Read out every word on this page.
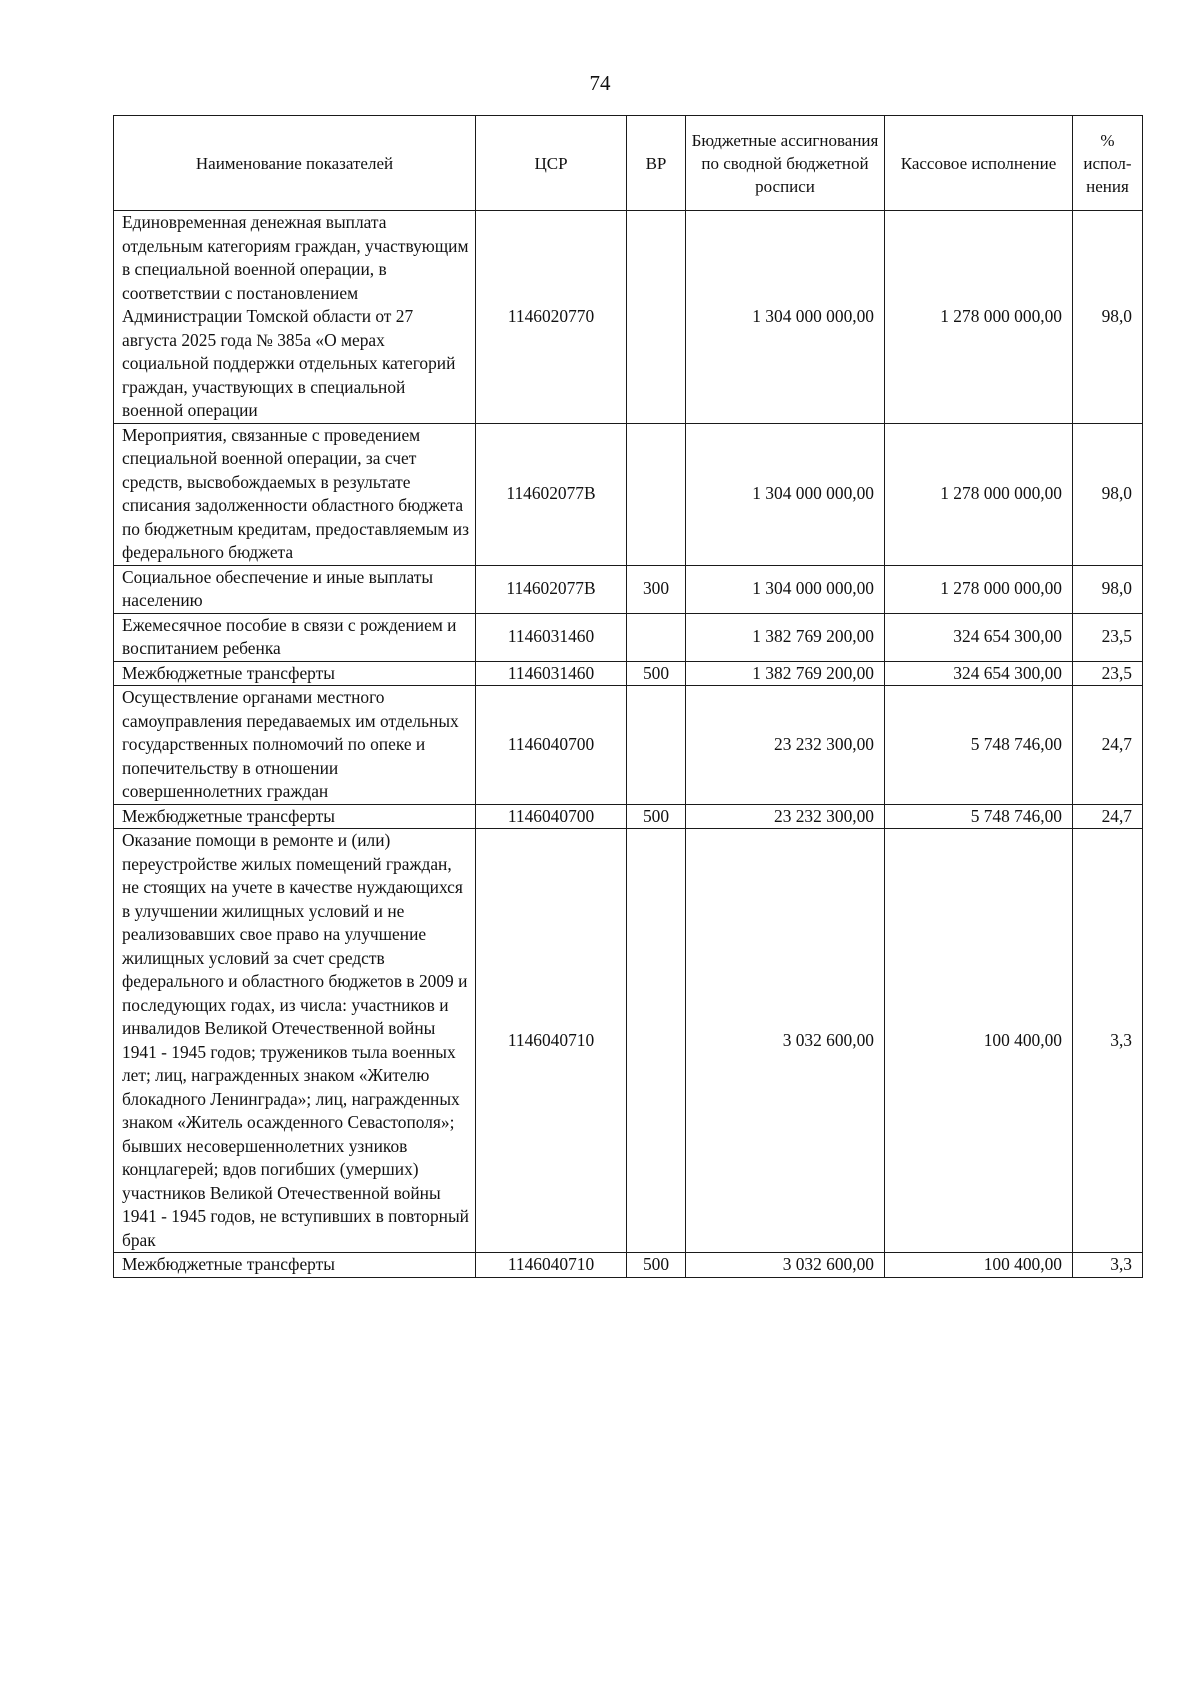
74
Наименование показателей	ЦСР	ВР	Бюджетные ассигнования по сводной бюджетной росписи	Кассовое исполнение	% испол-нения
Единовременная денежная выплата отдельным категориям граждан, участвующим в специальной военной операции, в соответствии с постановлением Администрации Томской области от 27 августа 2025 года № 385а «О мерах социальной поддержки отдельных категорий граждан, участвующих в специальной военной операции	1146020770		1 304 000 000,00	1 278 000 000,00	98,0
Мероприятия, связанные с проведением специальной военной операции, за счет средств, высвобождаемых в результате списания задолженности областного бюджета по бюджетным кредитам, предоставляемым из федерального бюджета	114602077В		1 304 000 000,00	1 278 000 000,00	98,0
Социальное обеспечение и иные выплаты населению	114602077В	300	1 304 000 000,00	1 278 000 000,00	98,0
Ежемесячное пособие в связи с рождением и воспитанием ребенка	1146031460		1 382 769 200,00	324 654 300,00	23,5
Межбюджетные трансферты	1146031460	500	1 382 769 200,00	324 654 300,00	23,5
Осуществление органами местного самоуправления передаваемых им отдельных государственных полномочий по опеке и попечительству в отношении совершеннолетних граждан	1146040700		23 232 300,00	5 748 746,00	24,7
Межбюджетные трансферты	1146040700	500	23 232 300,00	5 748 746,00	24,7
Оказание помощи в ремонте и (или) переустройстве жилых помещений граждан, не стоящих на учете в качестве нуждающихся в улучшении жилищных условий и не реализовавших свое право на улучшение жилищных условий за счет средств федерального и областного бюджетов в 2009 и последующих годах, из числа: участников и инвалидов Великой Отечественной войны 1941 - 1945 годов; тружеников тыла военных лет; лиц, награжденных знаком «Жителю блокадного Ленинграда»; лиц, награжденных знаком «Житель осажденного Севастополя»; бывших несовершеннолетних узников концлагерей; вдов погибших (умерших) участников Великой Отечественной войны 1941 - 1945 годов, не вступивших в повторный брак	1146040710		3 032 600,00	100 400,00	3,3
Межбюджетные трансферты	1146040710	500	3 032 600,00	100 400,00	3,3
